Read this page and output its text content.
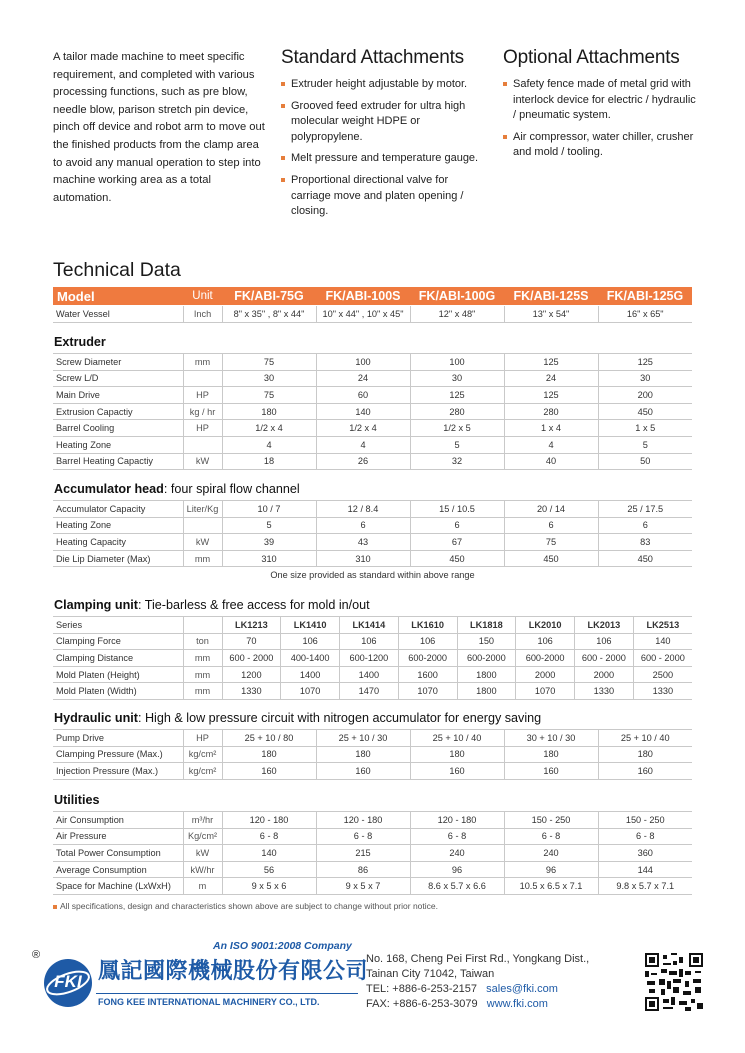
A tailor made machine to meet specific requirement, and completed with various processing functions, such as pre blow, needle blow, parison stretch pin device, pinch off device and robot arm to move out the finished products from the clamp area to avoid any manual operation to step into machine working area as a total automation.
Standard Attachments
Extruder height adjustable by motor.
Grooved feed extruder for ultra high molecular weight HDPE or polypropylene.
Melt pressure and temperature gauge.
Proportional directional valve for carriage move and platen opening / closing.
Optional Attachments
Safety fence made of metal grid with interlock device for electric / hydraulic / pneumatic system.
Air compressor, water chiller, crusher and mold / tooling.
Technical Data
Model	Unit	FK/ABI-75G	FK/ABI-100S	FK/ABI-100G	FK/ABI-125S	FK/ABI-125G
Water Vessel	Inch	8" x 35" , 8" x 44"	10" x 44" , 10" x 45"	12" x 48"	13" x 54"	16" x 65"
Extruder
Screw Diameter	mm	75	100	100	125	125
Screw L/D		30	24	30	24	30
Main Drive	HP	75	60	125	125	200
Extrusion Capactiy	kg / hr	180	140	280	280	450
Barrel Cooling	HP	1/2 x 4	1/2 x 4	1/2 x 5	1 x 4	1 x 5
Heating Zone		4	4	5	4	5
Barrel Heating Capactiy	kW	18	26	32	40	50
Accumulator head: four spiral flow channel
Accumulator Capacity	Liter/Kg	10 / 7	12 / 8.4	15 / 10.5	20 / 14	25 / 17.5
Heating Zone		5	6	6	6	6
Heating Capacity	kW	39	43	67	75	83
Die Lip Diameter (Max)	mm	310	310	450	450	450
One size provided as standard within above range
Clamping unit: Tie-barless & free access for mold in/out
Series		LK1213	LK1410	LK1414	LK1610	LK1818	LK2010	LK2013	LK2513
Clamping Force	ton	70	106	106	106	150	106	106	140
Clamping Distance	mm	600 - 2000	400-1400	600-1200	600-2000	600-2000	600-2000	600 - 2000	600 - 2000
Mold Platen (Height)	mm	1200	1400	1400	1600	1800	2000	2000	2500
Mold Platen (Width)	mm	1330	1070	1470	1070	1800	1070	1330	1330
Hydraulic unit: High & low pressure circuit with nitrogen accumulator for energy saving
Pump Drive	HP	25 + 10 / 80	25 + 10 / 30	25 + 10 / 40	30 + 10 / 30	25 + 10 / 40
Clamping Pressure (Max.)	kg/cm²	180	180	180	180	180
Injection Pressure (Max.)	kg/cm²	160	160	160	160	160
Utilities
Air Consumption	m³/hr	120 - 180	120 - 180	120 - 180	150 - 250	150 - 250
Air Pressure	Kg/cm²	6 - 8	6 - 8	6 - 8	6 - 8	6 - 8
Total Power Consumption	kW	140	215	240	240	360
Average Consumption	kW/hr	56	86	96	96	144
Space for Machine (LxWxH)	m	9 x 5 x 6	9 x 5 x 7	8.6 x 5.7 x 6.6	10.5 x 6.5 x 7.1	9.8 x 5.7 x 7.1
All specifications, design and characteristics shown above are subject to change without prior notice.
®
FKI
An ISO 9001:2008 Company
鳳記國際機械股份有限公司
FONG KEE INTERNATIONAL MACHINERY CO., LTD.
No. 168, Cheng Pei First Rd., Yongkang Dist.,
Tainan City 71042, Taiwan
TEL: +886-6-253-2157 sales@fki.com
FAX: +886-6-253-3079 www.fki.com
